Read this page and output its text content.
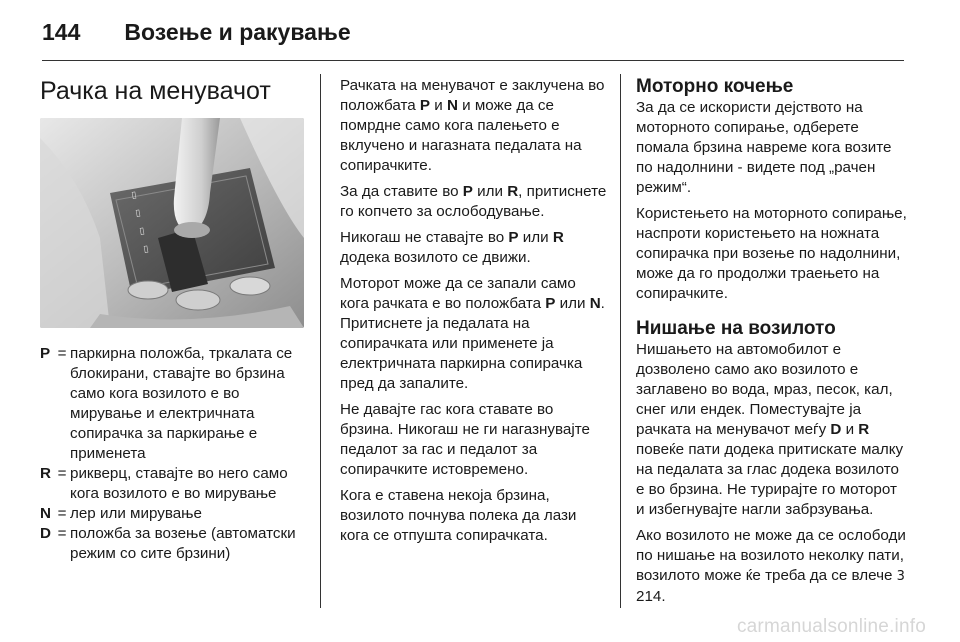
144 Возење и ракување
Рачка на менувачот
▯
▯
▯
▯
P = паркирна положба, тркалата се блокирани, ставајте во брзина само кога возилото е во мирување и електричната сопирачка за паркирање е применета
R = рикверц, ставајте во него само кога возилото е во мирување
N = лер или мирување
D = положба за возење (автоматски режим со сите брзини)

Рачката на менувачот е заклучена во положбата P и N и може да се помрдне само кога палењето е вклучено и нагазната педалата на сопирачките.

За да ставите во P или R, притиснете го копчето за ослободување.

Никогаш не ставајте во P или R додека возилото се движи.

Моторот може да се запали само кога рачката е во положбата P или N. Притиснете ја педалата на сопирачката или применете ја електричната паркирна сопирачка пред да запалите.

Не давајте гас кога ставате во брзина. Никогаш не ги нагазнувајте педалот за гас и педалот за сопирачките истовремено.

Кога е ставена некоја брзина, возилото почнува полека да лази кога се отпушта сопирачката.

Моторно кочење

За да се искористи дејството на моторното сопирање, одберете помала брзина навреме кога возите по надолнини - видете под „рачен режим“.

Користењето на моторното сопирање, наспроти користењето на ножната сопирачка при возење по надолнини, може да го продолжи траењето на сопирачките.

Нишање на возилото

Нишањето на автомобилот е дозволено само ако возилото е заглавено во вода, мраз, песок, кал, снег или ендек. Поместувајте ја рачката на менувачот меѓу D и R повеќе пати додека притискате малку на педалата за глас додека возилото е во брзина. Не турирајте го моторот и избегнувајте нагли забрзувања.

Ако возилото не може да се ослободи по нишање на возилото неколку пати, возилото може ќе треба да се влече 3 214.

carmanualsonline.info
